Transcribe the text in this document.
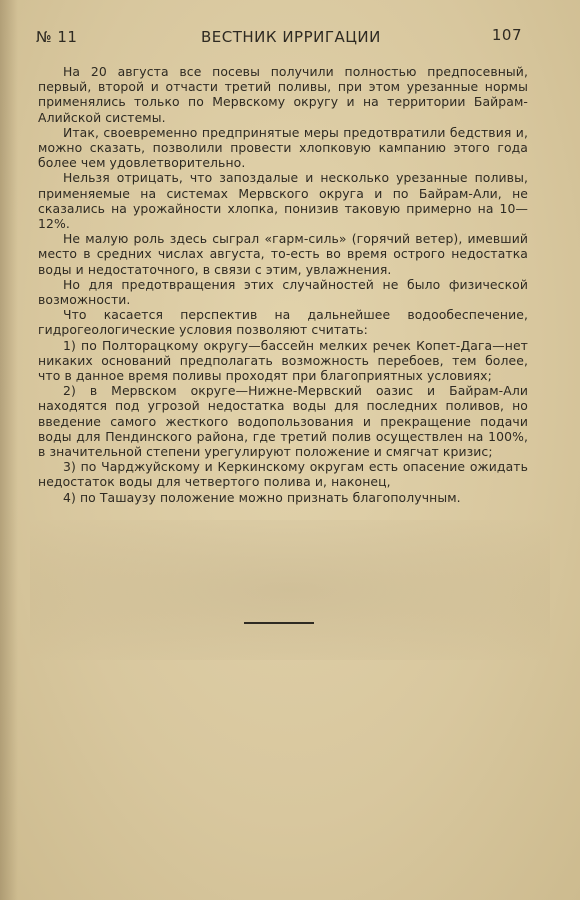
№ 11	ВЕСТНИК ИРРИГАЦИИ	107

На 20 августа все посевы получили полностью предпосевный, первый, второй и отчасти третий поливы, при этом урезанные нормы применялись только по Мервскому округу и на территории Байрам-Алийской системы.

Итак, своевременно предпринятые меры предотвратили бедствия и, можно сказать, позволили провести хлопковую кампанию этого года более чем удовлетворительно.

Нельзя отрицать, что запоздалые и несколько урезанные поливы, применяемые на системах Мервского округа и по Байрам-Али, не сказались на урожайности хлопка, понизив таковую примерно на 10—12%.

Не малую роль здесь сыграл «гарм-силь» (горячий ветер), имевший место в средних числах августа, то-есть во время острого недостатка воды и недостаточного, в связи с этим, увлажнения.

Но для предотвращения этих случайностей не было физической возможности.

Что касается перспектив на дальнейшее водообеспечение, гидрогеологические условия позволяют считать:

1) по Полторацкому округу—бассейн мелких речек Копет-Дага—нет никаких оснований предполагать возможность перебоев, тем более, что в данное время поливы проходят при благоприятных условиях;

2) в Мервском округе—Нижне-Мервский оазис и Байрам-Али находятся под угрозой недостатка воды для последних поливов, но введение самого жесткого водопользования и прекращение подачи воды для Пендинского района, где третий полив осуществлен на 100%, в значительной степени урегулируют положение и смягчат кризис;

3) по Чарджуйскому и Керкинскому округам есть опасение ожидать недостаток воды для четвертого полива и, наконец,

4) по Ташаузу положение можно признать благополучным.
